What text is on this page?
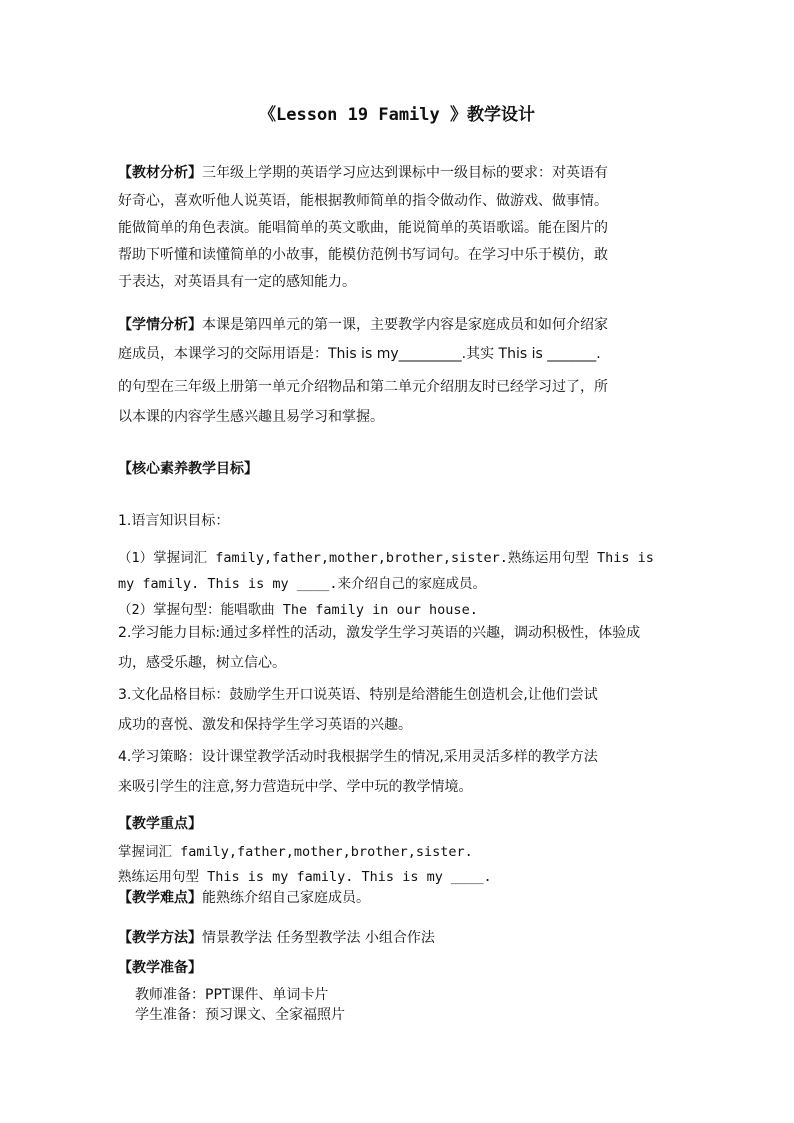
《Lesson 19 Family 》教学设计
【教材分析】三年级上学期的英语学习应达到课标中一级目标的要求：对英语有
好奇心，喜欢听他人说英语，能根据教师简单的指令做动作、做游戏、做事情。
能做简单的角色表演。能唱简单的英文歌曲，能说简单的英语歌谣。能在图片的
帮助下听懂和读懂简单的小故事，能模仿范例书写词句。在学习中乐于模仿，敢
于表达，对英语具有一定的感知能力。
【学情分析】本课是第四单元的第一课，主要教学内容是家庭成员和如何介绍家
庭成员，本课学习的交际用语是：This is my_________.其实 This is _______.
的句型在三年级上册第一单元介绍物品和第二单元介绍朋友时已经学习过了，所
以本课的内容学生感兴趣且易学习和掌握。
【核心素养教学目标】
1.语言知识目标：
（1）掌握词汇 family,father,mother,brother,sister.熟练运用句型 This is
my family. This is my ____.来介绍自己的家庭成员。
（2）掌握句型：能唱歌曲 The family in our house.
2.学习能力目标:通过多样性的活动，激发学生学习英语的兴趣，调动积极性，体验成
功，感受乐趣，树立信心。
3.文化品格目标：鼓励学生开口说英语、特别是给潜能生创造机会,让他们尝试
成功的喜悦、激发和保持学生学习英语的兴趣。
4.学习策略：设计课堂教学活动时我根据学生的情况,采用灵活多样的教学方法
来吸引学生的注意,努力营造玩中学、学中玩的教学情境。
【教学重点】
掌握词汇 family,father,mother,brother,sister.
熟练运用句型 This is my family. This is my ____.
【教学难点】能熟练介绍自己家庭成员。
【教学方法】情景教学法 任务型教学法 小组合作法
【教学准备】
教师准备：PPT课件、单词卡片
学生准备：预习课文、全家福照片
